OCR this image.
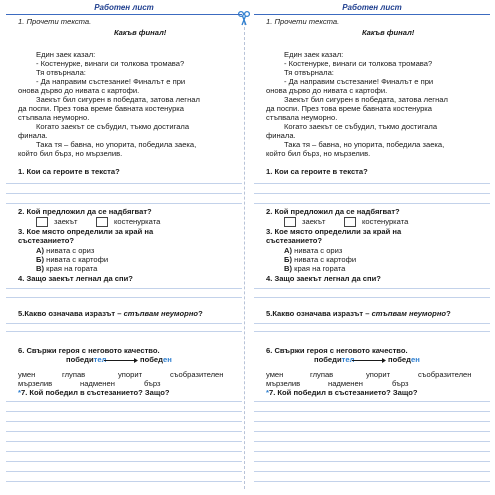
Работен лист
1. Прочети текста.
Какъв финал!
Един заек казал:
- Костенурке, винаги си толкова тромава?
Тя отвърнала:
- Да направим състезание! Финалът е при
онова дърво до нивата с картофи.
Заекът бил сигурен в победата, затова легнал
да поспи. През това време бавната костенурка
стъпвала неуморно.
Когато заекът се събудил, тъкмо достигала
финала.
Така тя – бавна, но упорита, победила заека,
който бил бърз, но мързелив.
1. Кои са героите в текста?
2. Кой предложил да се надбягват?
заекът	костенурката
3. Кое място определили за край на
състезанието?
А) нивата с ориз
Б) нивата с картофи
В) края на гората
4. Защо заекът легнал да спи?
5.Какво означава изразът – стъпвам неуморно?
6. Свържи героя с неговото качество.
победител	победен
умен	глупав	упорит	съобразителен
мързелив	надменен	бърз
*7. Кой победил в състезанието? Защо?
Работен лист
1. Прочети текста.
Какъв финал!
Един заек казал:
- Костенурке, винаги си толкова тромава?
Тя отвърнала:
- Да направим състезание! Финалът е при
онова дърво до нивата с картофи.
Заекът бил сигурен в победата, затова легнал
да поспи. През това време бавната костенурка
стъпвала неуморно.
Когато заекът се събудил, тъкмо достигала
финала.
Така тя – бавна, но упорита, победила заека,
който бил бърз, но мързелив.
1. Кои са героите в текста?
2. Кой предложил да се надбягват?
заекът	костенурката
3. Кое място определили за край на
състезанието?
А) нивата с ориз
Б) нивата с картофи
В) края на гората
4. Защо заекът легнал да спи?
5.Какво означава изразът – стъпвам неуморно?
6. Свържи героя с неговото качество.
победител	победен
умен	глупав	упорит	съобразителен
мързелив	надменен	бърз
*7. Кой победил в състезанието? Защо?
